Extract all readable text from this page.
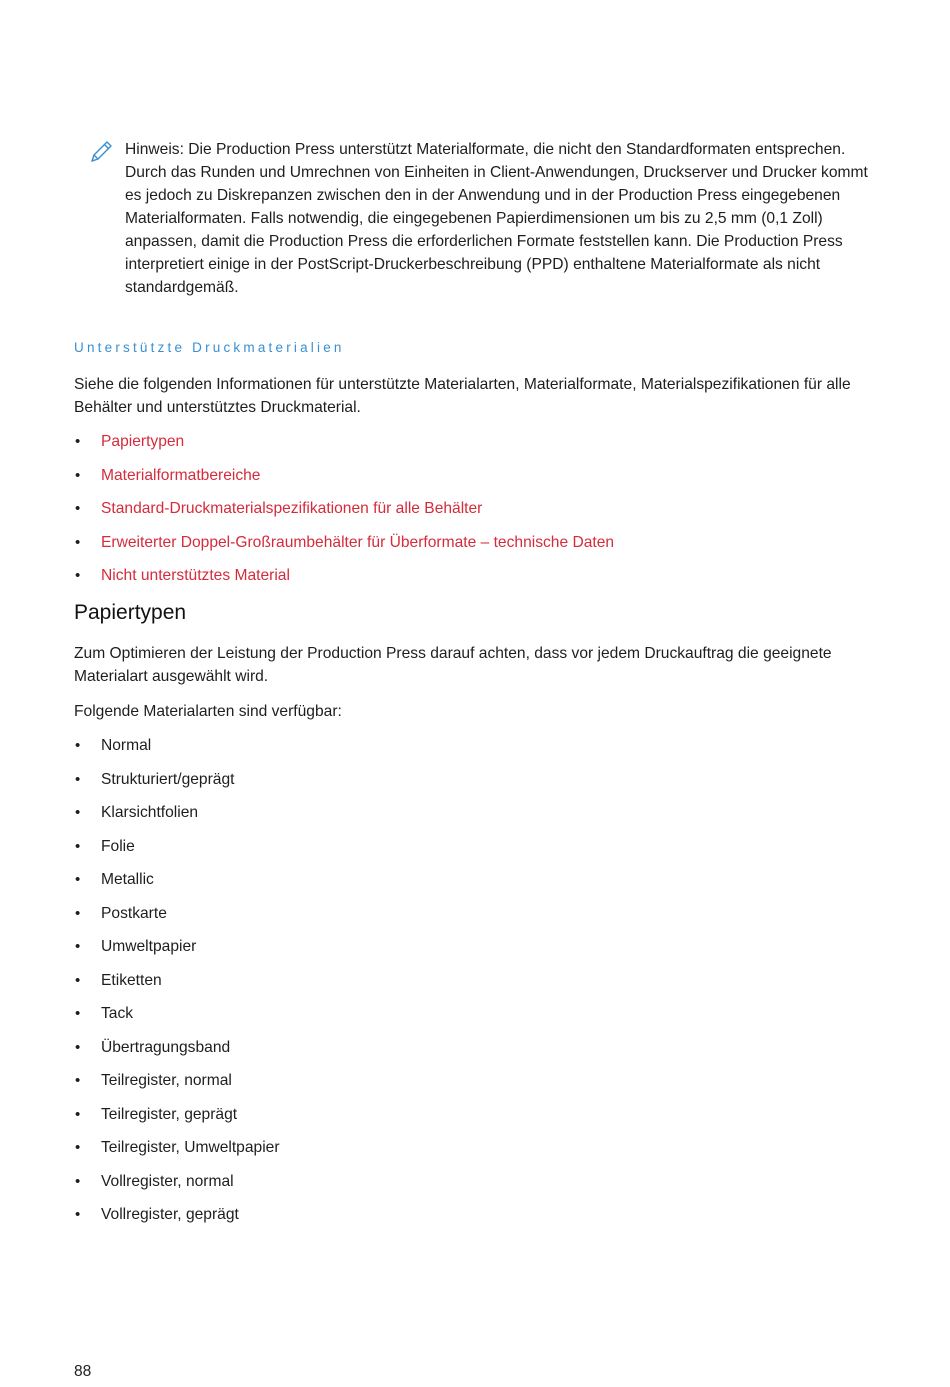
Hinweis: Die Production Press unterstützt Materialformate, die nicht den Standardformaten entsprechen. Durch das Runden und Umrechnen von Einheiten in Client-Anwendungen, Druckserver und Drucker kommt es jedoch zu Diskrepanzen zwischen den in der Anwendung und in der Production Press eingegebenen Materialformaten. Falls notwendig, die eingegebenen Papierdimensionen um bis zu 2,5 mm (0,1 Zoll) anpassen, damit die Production Press die erforderlichen Formate feststellen kann. Die Production Press interpretiert einige in der PostScript-Druckerbeschreibung (PPD) enthaltene Materialformate als nicht standardgemäß.

Unterstützte Druckmaterialien

Siehe die folgenden Informationen für unterstützte Materialarten, Materialformate, Materialspezifikationen für alle Behälter und unterstütztes Druckmaterial.

• Papiertypen
• Materialformatbereiche
• Standard-Druckmaterialspezifikationen für alle Behälter
• Erweiterter Doppel-Großraumbehälter für Überformate – technische Daten
• Nicht unterstütztes Material
Papiertypen

Zum Optimieren der Leistung der Production Press darauf achten, dass vor jedem Druckauftrag die geeignete Materialart ausgewählt wird.

Folgende Materialarten sind verfügbar:

• Normal
• Strukturiert/geprägt
• Klarsichtfolien
• Folie
• Metallic
• Postkarte
• Umweltpapier
• Etiketten
• Tack
• Übertragungsband
• Teilregister, normal
• Teilregister, geprägt
• Teilregister, Umweltpapier
• Vollregister, normal
• Vollregister, geprägt

88
